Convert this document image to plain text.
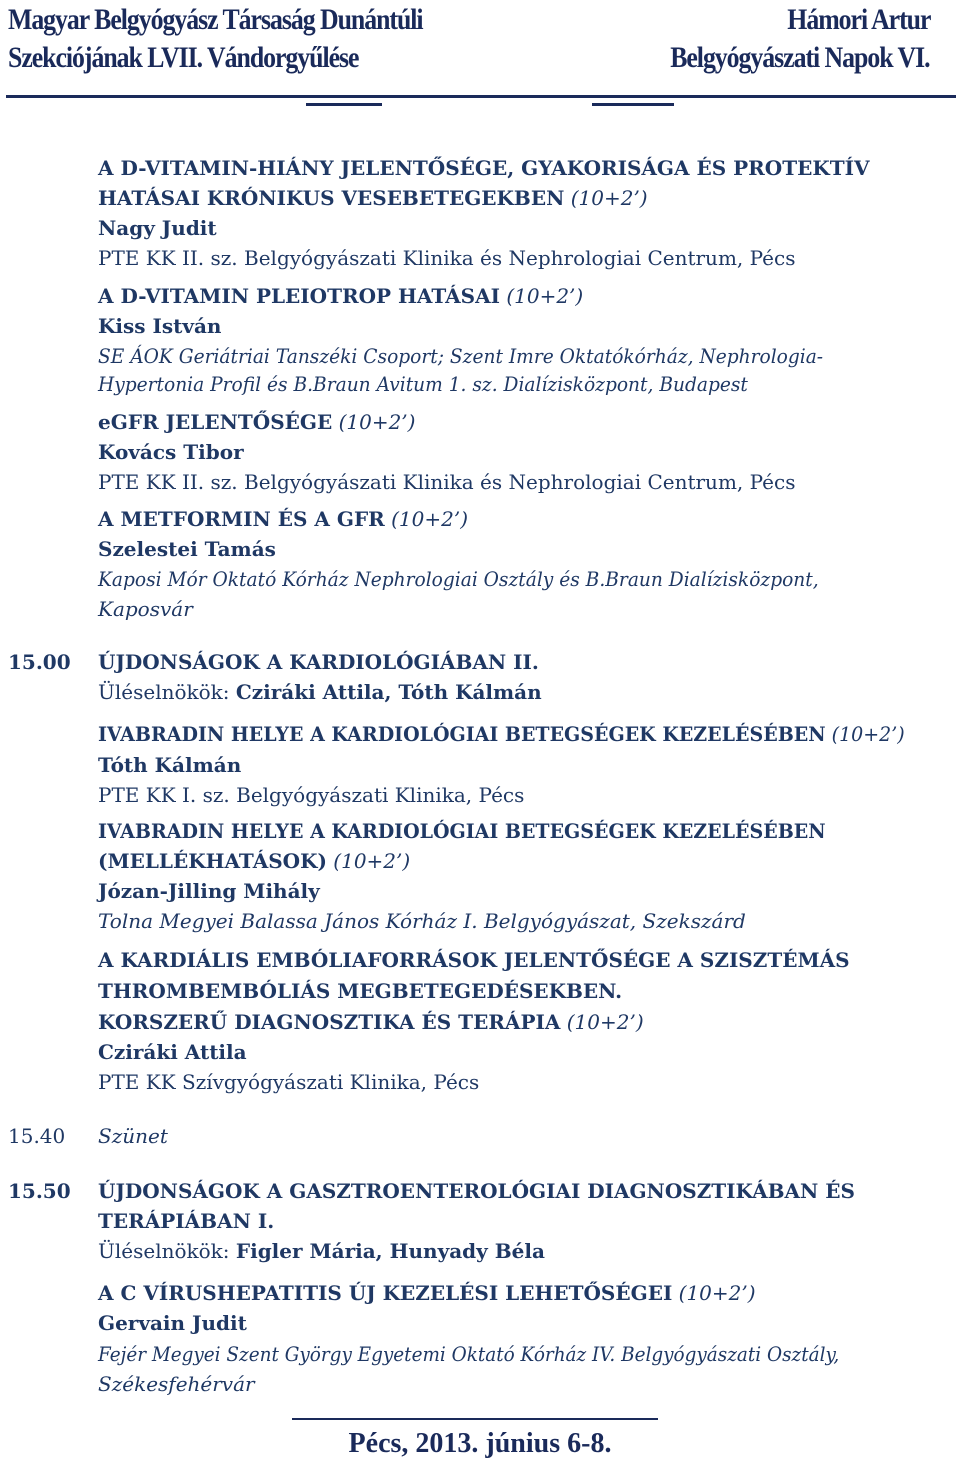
Magyar Belgyógyász Társaság Dunántúli
Szekciójának LVII. Vándorgyűlése
Hámori Artur
Belgyógyászati Napok VI.
A D-VITAMIN-HIÁNY JELENTŐSÉGE, GYAKORISÁGA ÉS PROTEKTÍV
HATÁSAI KRÓNIKUS VESEBETEGEKBEN (10+2’)
Nagy Judit
PTE KK II. sz. Belgyógyászati Klinika és Nephrologiai Centrum, Pécs
A D-VITAMIN PLEIOTROP HATÁSAI (10+2’)
Kiss István
SE ÁOK Geriátriai Tanszéki Csoport; Szent Imre Oktatókórház, Nephrologia-
Hypertonia Profil és B.Braun Avitum 1. sz. Dialízisközpont, Budapest
eGFR JELENTŐSÉGE (10+2’)
Kovács Tibor
PTE KK II. sz. Belgyógyászati Klinika és Nephrologiai Centrum, Pécs
A METFORMIN ÉS A GFR (10+2’)
Szelestei Tamás
Kaposi Mór Oktató Kórház Nephrologiai Osztály és B.Braun Dialízisközpont,
Kaposvár
15.00 ÚJDONSÁGOK A KARDIOLÓGIÁBAN II.
Üléselnökök: Cziráki Attila, Tóth Kálmán
IVABRADIN HELYE A KARDIOLÓGIAI BETEGSÉGEK KEZELÉSÉBEN (10+2’)
Tóth Kálmán
PTE KK I. sz. Belgyógyászati Klinika, Pécs
IVABRADIN HELYE A KARDIOLÓGIAI BETEGSÉGEK KEZELÉSÉBEN
(MELLÉKHATÁSOK) (10+2’)
Józan-Jilling Mihály
Tolna Megyei Balassa János Kórház I. Belgyógyászat, Szekszárd
A KARDIÁLIS EMBÓLIAFORRÁSOK JELENTŐSÉGE A SZISZTÉMÁS
THROMBEMBÓLIÁS MEGBETEGEDÉSEKBEN.
KORSZERŰ DIAGNOSZTIKA ÉS TERÁPIA (10+2’)
Cziráki Attila
PTE KK Szívgyógyászati Klinika, Pécs
15.40 Szünet
15.50 ÚJDONSÁGOK A GASZTROENTEROLÓGIAI DIAGNOSZTIKÁBAN ÉS
TERÁPIÁBAN I.
Üléselnökök: Figler Mária, Hunyady Béla
A C VÍRUSHEPATITIS ÚJ KEZELÉSI LEHETŐSÉGEI (10+2’)
Gervain Judit
Fejér Megyei Szent György Egyetemi Oktató Kórház IV. Belgyógyászati Osztály,
Székesfehérvár
Pécs, 2013. június 6-8.
